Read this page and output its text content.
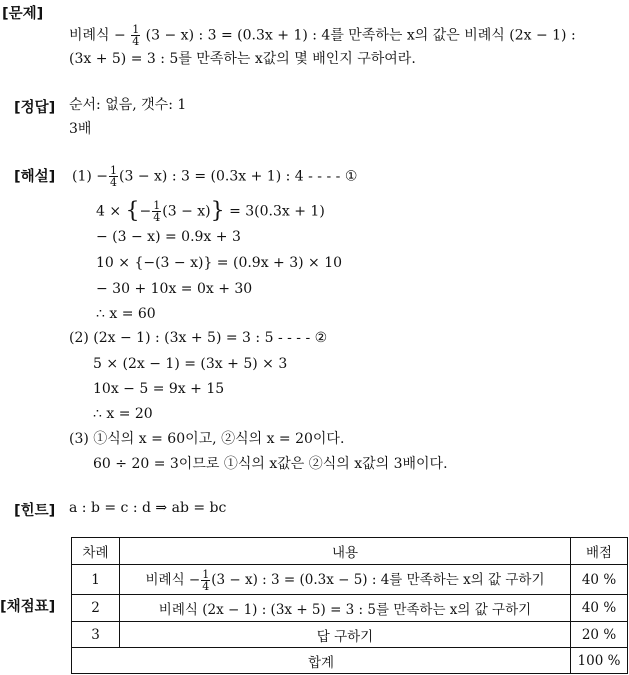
[문제]
비례식 − $\frac{1}{4} (3 - x)$ : 3 = (0.3x + 1) : 4를 만족하는 x의 값은 비례식 (2x − 1) :
(3x + 5) = 3 : 5를 만족하는 x값의 몇 배인지 구하여라.
[정답] 순서: 없음, 갯수: 1
3배
[해설] $(1) - \frac{1}{4} (3 - x)$ : 3 = (0.3x + 1) : 4 - - - - ①
4 × {− $\frac{1}{4} (3 - x)\} = 3(0.3x + 1)$
− (3 − x) = 0.9x + 3
10 × {−(3 − x)} = (0.9x + 3) × 10
− 30 + 10x = 0x + 30
∴ x = 60
(2) (2x − 1) : (3x + 5) = 3 : 5 - - - - ②
5 × (2x − 1) = (3x + 5) × 3
10x − 5 = 9x + 15
∴ x = 20
(3) ①식의 x = 60이고, ②식의 x = 20이다.
60 ÷ 20 = 3이므로 ①식의 x값은 ②식의 x값의 3배이다.
[힌트] a : b = c : d ⇒ ab = bc
[채점표]
차례	내용	배점
1	비례식 − $\frac{1}{4} (3 - x)$ : 3 = (0.3x − 5) : 4를 만족하는 x의 값 구하기	40 %
2	비례식 (2x − 1) : (3x + 5) = 3 : 5를 만족하는 x의 값 구하기	40 %
3	답 구하기	20 %
합계		100 %
